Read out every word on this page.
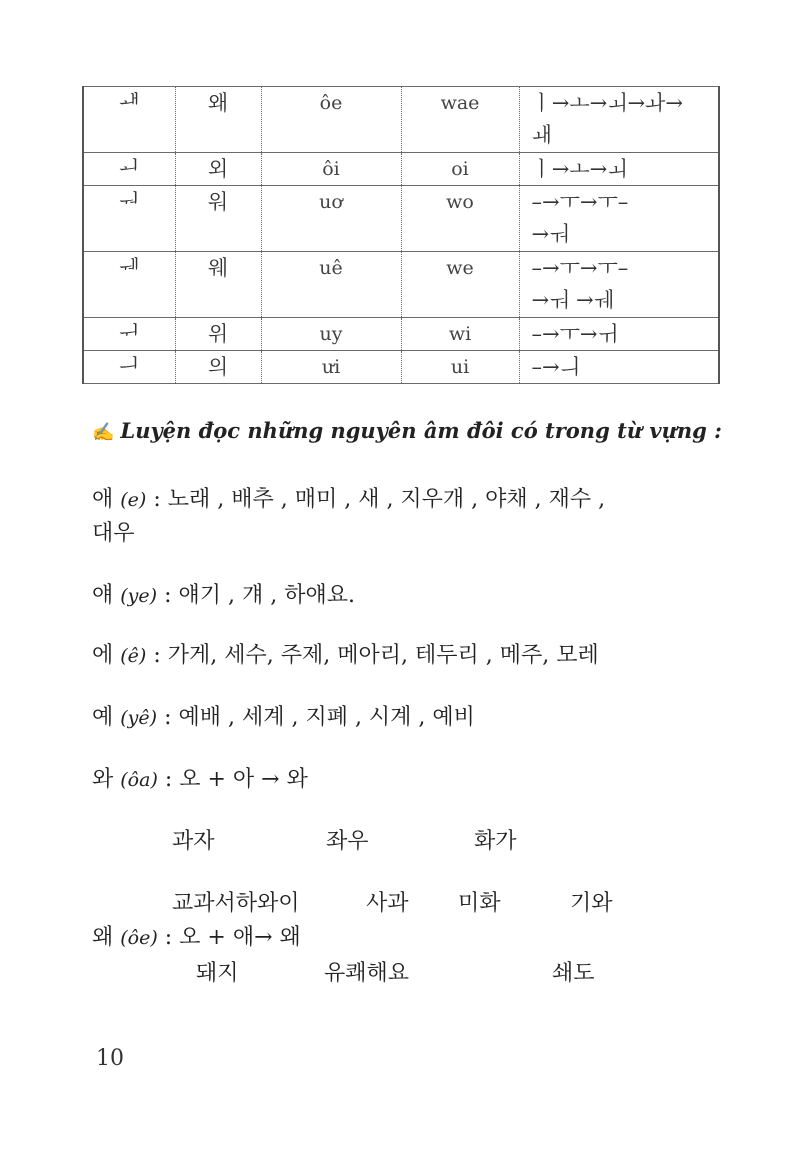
ᅫ	왜	ôe	wae	ㅣ→ㅗ→ㅚ→ㅘ→
ㅙ
ᅬ	외	ôi	oi	ㅣ→ㅗ→ㅚ
ᅯ	워	uơ	wo	–→ㅜ→ㅜ–
→ㅝ
ᅰ	웨	uê	we	–→ㅜ→ㅜ–
→ㅝ →ㅞ
ᅱ	위	uy	wi	–→ㅜ→ㅟ
ᅴ	의	ưi	ui	–→ㅢ
✍ Luyện đọc những nguyên âm đôi có trong từ vựng :
애 (e) : 노래 , 배추 , 매미 , 새 , 지우개 , 야채 , 재수 ,
대우
얘 (ye) : 얘기 , 걔 , 하얘요.
에 (ê) : 가게, 세수, 주제, 메아리, 테두리 , 메주, 모레
예 (yê) : 예배 , 세계 , 지폐 , 시계 , 예비
와 (ôa) : 오 + 아 → 와
과자	좌우	화가
교과서하와이	사과 미화	기와
왜 (ôe) : 오 + 애→ 왜
돼지	유쾌해요	쇄도
10
